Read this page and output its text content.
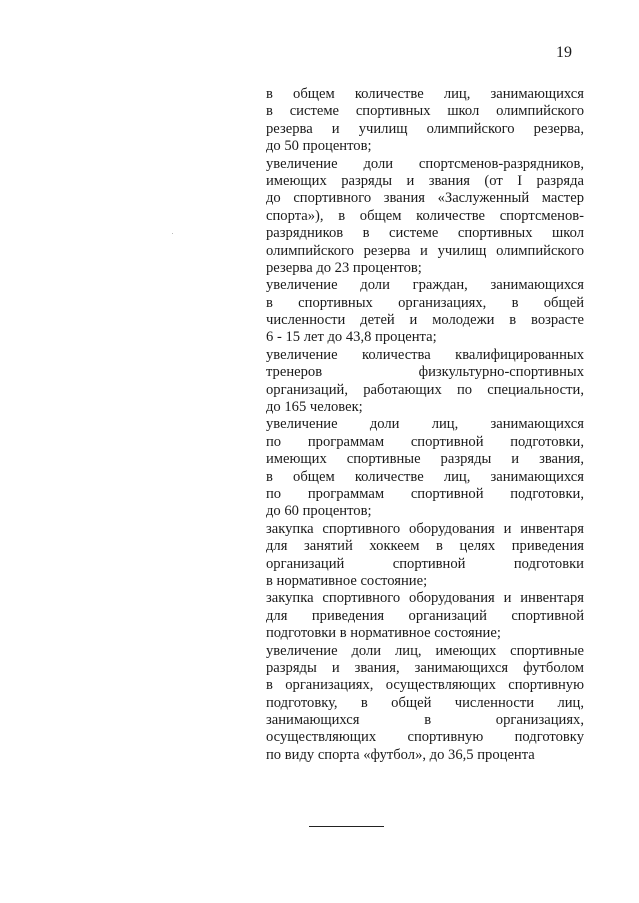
19
в общем количестве лиц, занимающихся
в системе спортивных школ олимпийского
резерва и училищ олимпийского резерва,
до 50 процентов;
увеличение доли спортсменов-разрядников,
имеющих разряды и звания (от I разряда
до спортивного звания «Заслуженный мастер
спорта»), в общем количестве спортсменов-
разрядников в системе спортивных школ
олимпийского резерва и училищ олимпийского
резерва до 23 процентов;
увеличение доли граждан, занимающихся
в спортивных организациях, в общей
численности детей и молодежи в возрасте
6 - 15 лет до 43,8 процента;
увеличение количества квалифицированных
тренеров физкультурно-спортивных
организаций, работающих по специальности,
до 165 человек;
увеличение доли лиц, занимающихся
по программам спортивной подготовки,
имеющих спортивные разряды и звания,
в общем количестве лиц, занимающихся
по программам спортивной подготовки,
до 60 процентов;
закупка спортивного оборудования и инвентаря
для занятий хоккеем в целях приведения
организаций спортивной подготовки
в нормативное состояние;
закупка спортивного оборудования и инвентаря
для приведения организаций спортивной
подготовки в нормативное состояние;
увеличение доли лиц, имеющих спортивные
разряды и звания, занимающихся футболом
в организациях, осуществляющих спортивную
подготовку, в общей численности лиц,
занимающихся в организациях,
осуществляющих спортивную подготовку
по виду спорта «футбол», до 36,5 процента
